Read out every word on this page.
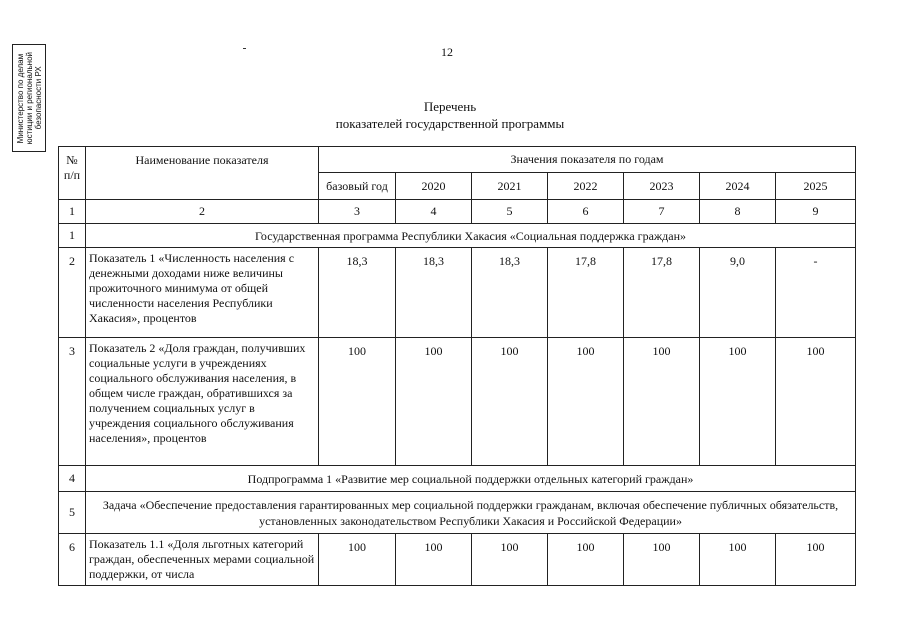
Министерство по делам
юстиции и региональной
безопасности РХ
12
Перечень
показателей государственной программы
№
п/п	Наименование показателя	Значения показателя по годам						
		базовый год	2020	2021	2022	2023	2024	2025
1	2	3	4	5	6	7	8	9
1	Государственная программа Республики Хакасия «Социальная поддержка граждан»							
2	Показатель 1 «Численность населения с денежными доходами ниже величины прожиточного минимума от общей численности населения Республики Хакасия», процентов	18,3	18,3	18,3	17,8	17,8	9,0	-
3	Показатель 2 «Доля граждан, получивших социальные услуги в учреждениях социального обслуживания населения, в общем числе граждан, обратившихся за получением социальных услуг в учреждения социального обслуживания населения», процентов	100	100	100	100	100	100	100
4	Подпрограмма 1 «Развитие мер социальной поддержки отдельных категорий граждан»							
5	Задача «Обеспечение предоставления гарантированных мер социальной поддержки гражданам, включая обеспечение публичных обязательств, установленных законодательством Республики Хакасия и Российской Федерации»							
6	Показатель 1.1 «Доля льготных категорий граждан, обеспеченных мерами социальной поддержки, от числа	100	100	100	100	100	100	100
